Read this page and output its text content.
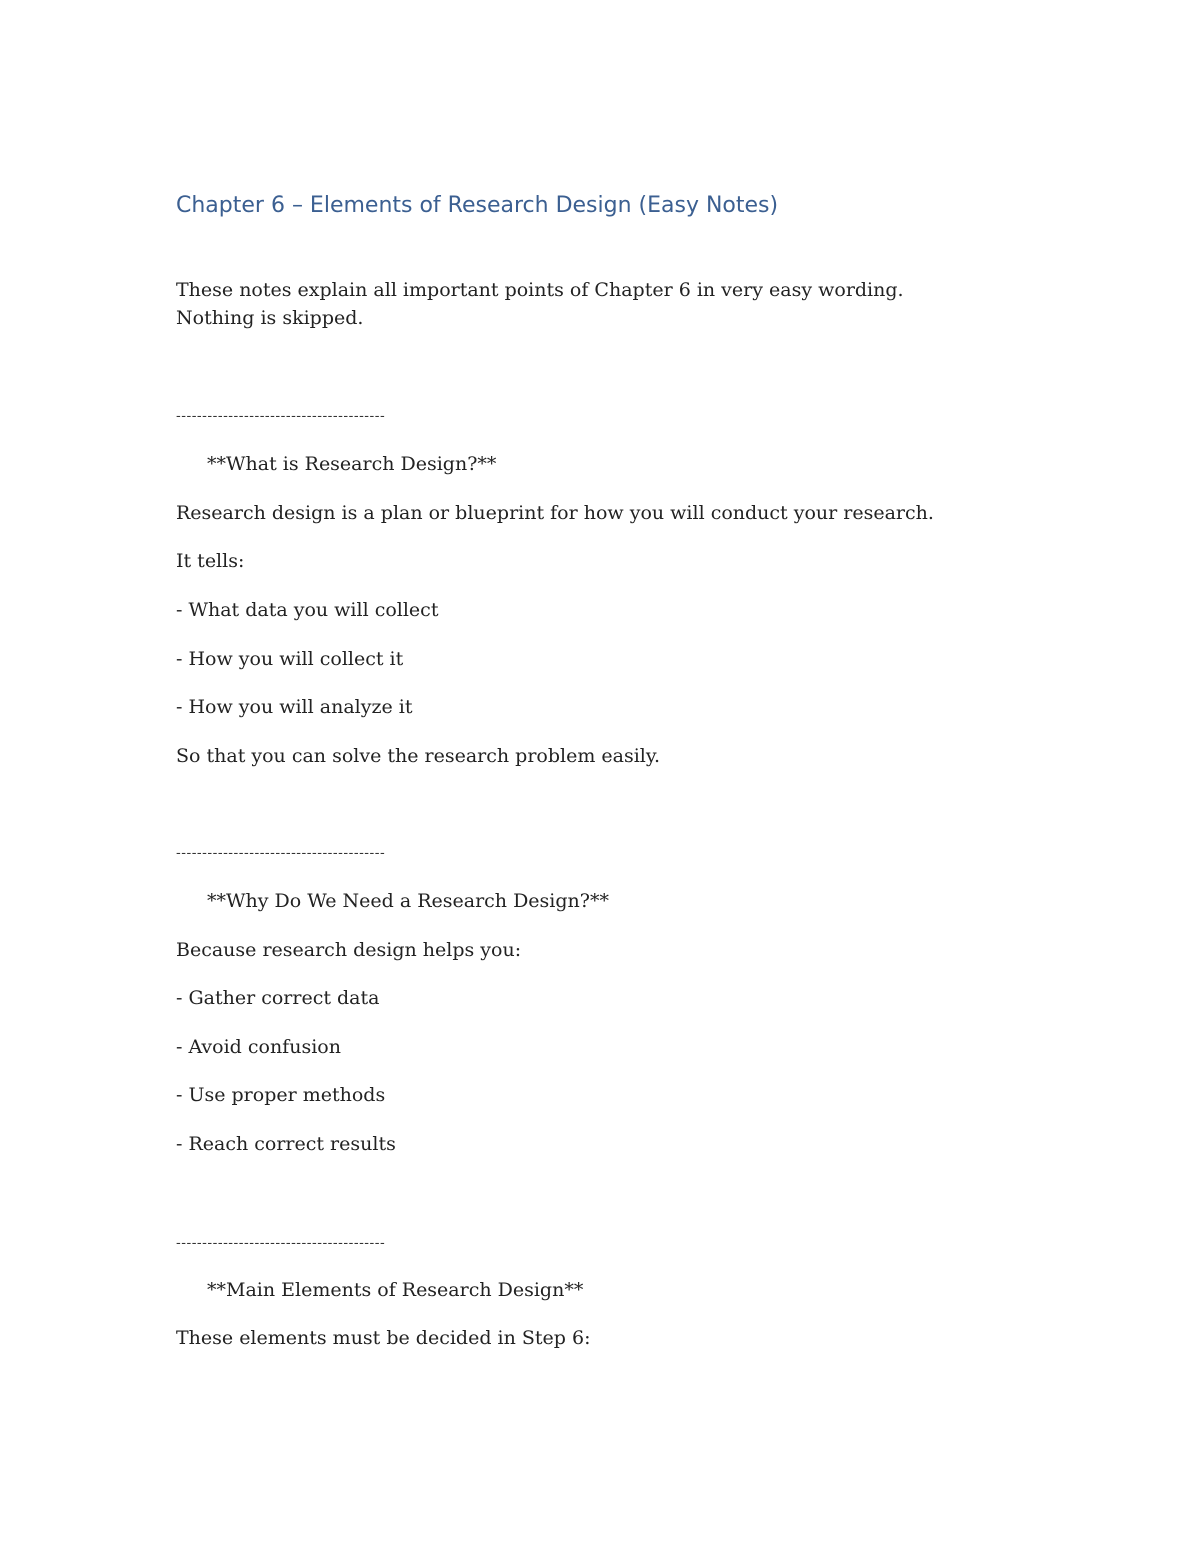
Chapter 6 – Elements of Research Design (Easy Notes)
These notes explain all important points of Chapter 6 in very easy wording. Nothing is skipped.
----------------------------------------
**What is Research Design?**
Research design is a plan or blueprint for how you will conduct your research.
It tells:
- What data you will collect
- How you will collect it
- How you will analyze it
So that you can solve the research problem easily.
----------------------------------------
**Why Do We Need a Research Design?**
Because research design helps you:
- Gather correct data
- Avoid confusion
- Use proper methods
- Reach correct results
----------------------------------------
**Main Elements of Research Design**
These elements must be decided in Step 6:
